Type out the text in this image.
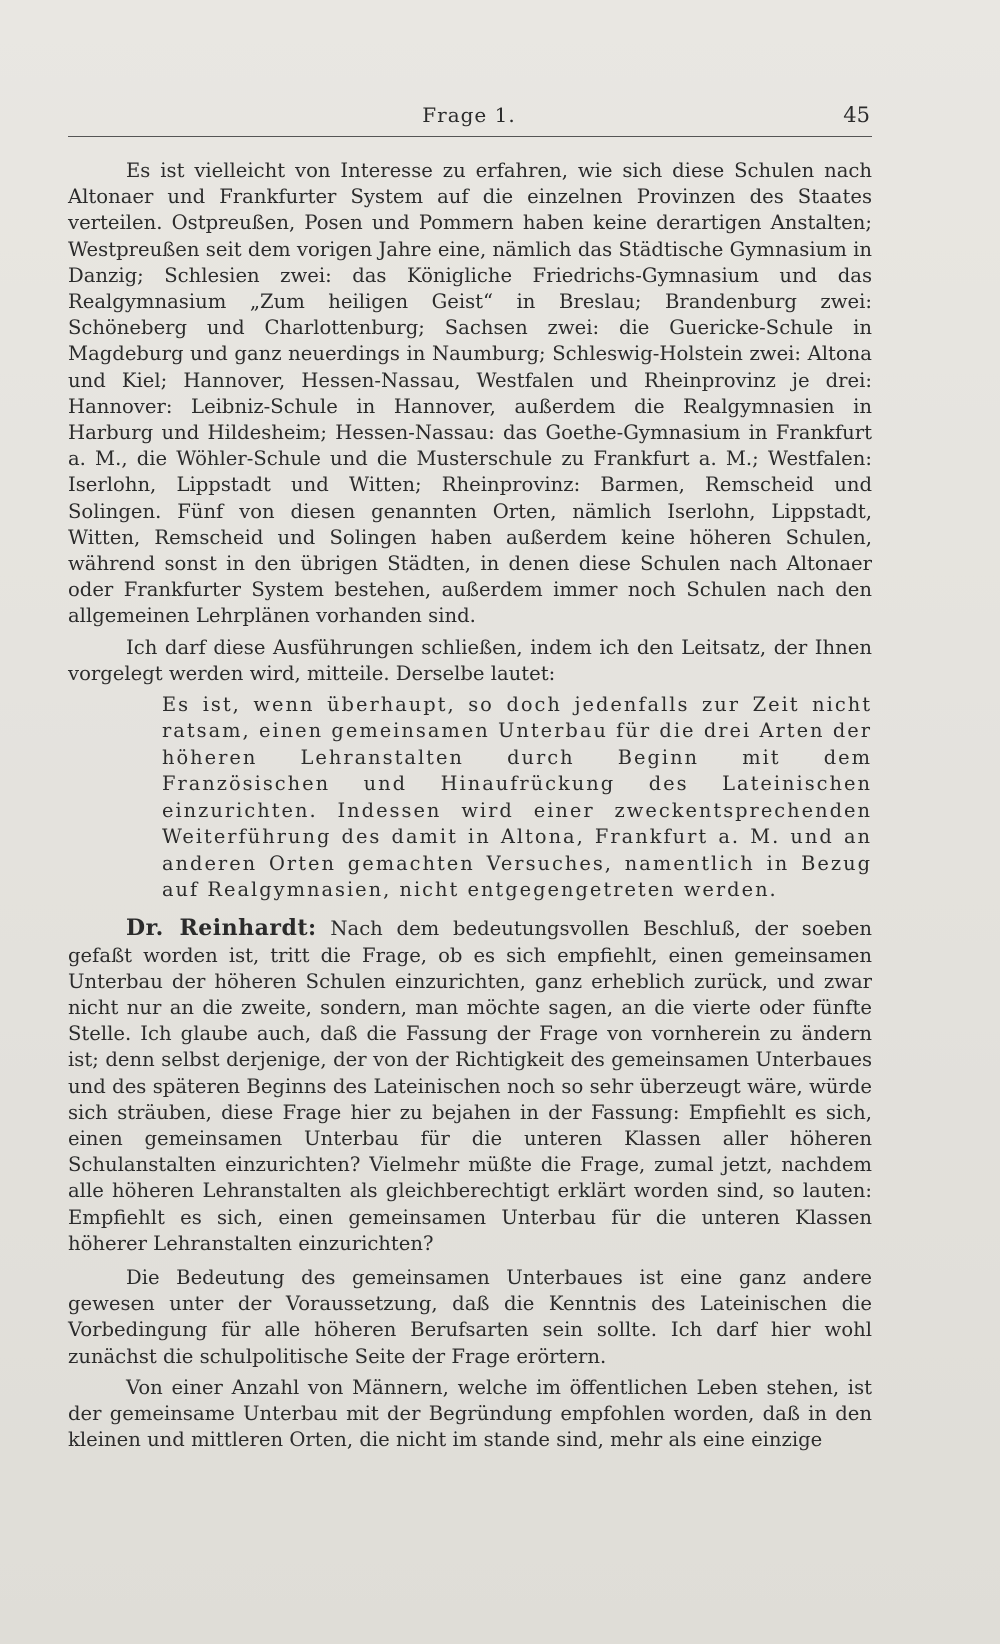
Frage 1.	45

Es ist vielleicht von Interesse zu erfahren, wie sich diese Schulen nach Altonaer und Frankfurter System auf die einzelnen Provinzen des Staates verteilen. Ostpreußen, Posen und Pommern haben keine derartigen Anstalten; Westpreußen seit dem vorigen Jahre eine, nämlich das Städtische Gymnasium in Danzig; Schlesien zwei: das Königliche Friedrichs-Gymnasium und das Realgymnasium „Zum heiligen Geist“ in Breslau; Brandenburg zwei: Schöneberg und Charlottenburg; Sachsen zwei: die Guericke-Schule in Magdeburg und ganz neuerdings in Naumburg; Schleswig-Holstein zwei: Altona und Kiel; Hannover, Hessen-Nassau, Westfalen und Rheinprovinz je drei: Hannover: Leibniz-Schule in Hannover, außerdem die Realgymnasien in Harburg und Hildesheim; Hessen-Nassau: das Goethe-Gymnasium in Frankfurt a. M., die Wöhler-Schule und die Musterschule zu Frankfurt a. M.; Westfalen: Iserlohn, Lippstadt und Witten; Rheinprovinz: Barmen, Remscheid und Solingen. Fünf von diesen genannten Orten, nämlich Iserlohn, Lippstadt, Witten, Remscheid und Solingen haben außerdem keine höheren Schulen, während sonst in den übrigen Städten, in denen diese Schulen nach Altonaer oder Frankfurter System bestehen, außerdem immer noch Schulen nach den allgemeinen Lehrplänen vorhanden sind.

Ich darf diese Ausführungen schließen, indem ich den Leitsatz, der Ihnen vorgelegt werden wird, mitteile. Derselbe lautet:

Es ist, wenn überhaupt, so doch jedenfalls zur Zeit nicht ratsam, einen gemeinsamen Unterbau für die drei Arten der höheren Lehranstalten durch Beginn mit dem Französischen und Hinaufrückung des Lateinischen einzurichten. Indessen wird einer zweckentsprechenden Weiterführung des damit in Altona, Frankfurt a. M. und an anderen Orten gemachten Versuches, namentlich in Bezug auf Realgymnasien, nicht entgegengetreten werden.

Dr. Reinhardt: Nach dem bedeutungsvollen Beschluß, der soeben gefaßt worden ist, tritt die Frage, ob es sich empfiehlt, einen gemeinsamen Unterbau der höheren Schulen einzurichten, ganz erheblich zurück, und zwar nicht nur an die zweite, sondern, man möchte sagen, an die vierte oder fünfte Stelle. Ich glaube auch, daß die Fassung der Frage von vornherein zu ändern ist; denn selbst derjenige, der von der Richtigkeit des gemeinsamen Unterbaues und des späteren Beginns des Lateinischen noch so sehr überzeugt wäre, würde sich sträuben, diese Frage hier zu bejahen in der Fassung: Empfiehlt es sich, einen gemeinsamen Unterbau für die unteren Klassen aller höheren Schulanstalten einzurichten? Vielmehr müßte die Frage, zumal jetzt, nachdem alle höheren Lehranstalten als gleichberechtigt erklärt worden sind, so lauten: Empfiehlt es sich, einen gemeinsamen Unterbau für die unteren Klassen höherer Lehranstalten einzurichten?

Die Bedeutung des gemeinsamen Unterbaues ist eine ganz andere gewesen unter der Voraussetzung, daß die Kenntnis des Lateinischen die Vorbedingung für alle höheren Berufsarten sein sollte. Ich darf hier wohl zunächst die schulpolitische Seite der Frage erörtern.

Von einer Anzahl von Männern, welche im öffentlichen Leben stehen, ist der gemeinsame Unterbau mit der Begründung empfohlen worden, daß in den kleinen und mittleren Orten, die nicht im stande sind, mehr als eine einzige
